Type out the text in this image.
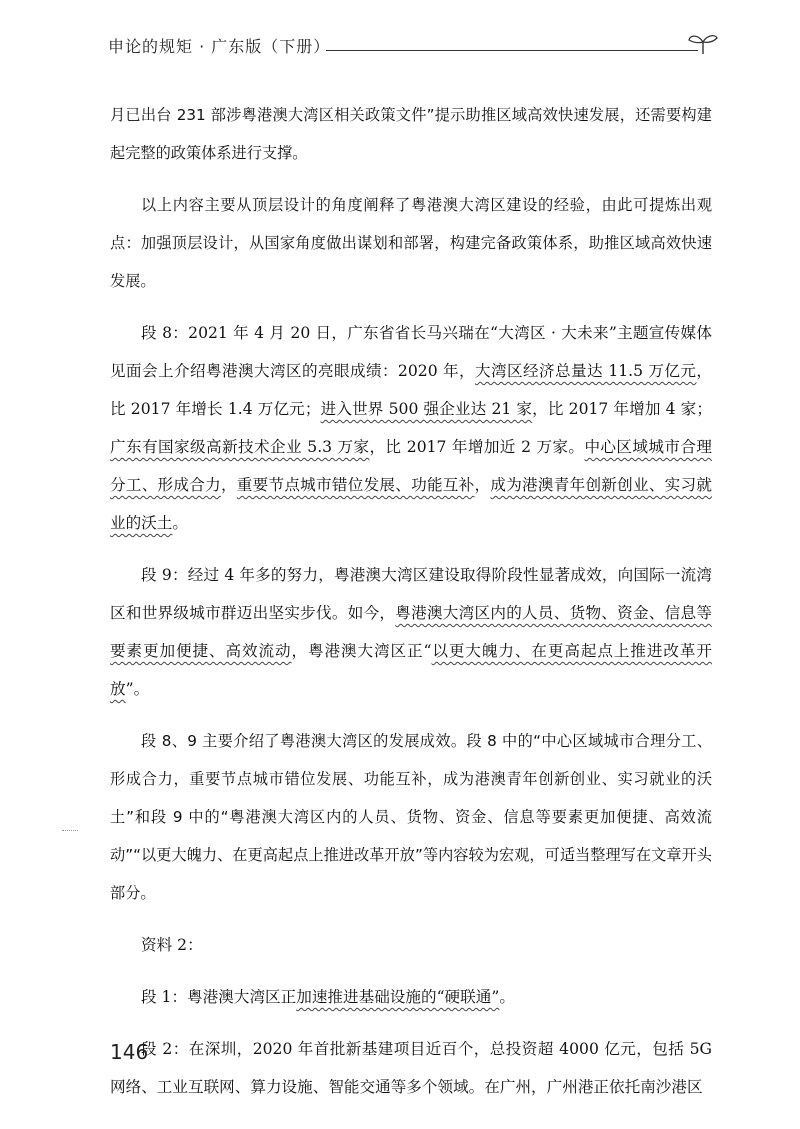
申论的规矩 · 广东版（下册）

月已出台 231 部涉粤港澳大湾区相关政策文件”提示助推区域高效快速发展，还需要构建起完整的政策体系进行支撑。

以上内容主要从顶层设计的角度阐释了粤港澳大湾区建设的经验，由此可提炼出观点：加强顶层设计，从国家角度做出谋划和部署，构建完备政策体系，助推区域高效快速发展。

段 8：2021 年 4 月 20 日，广东省省长马兴瑞在“大湾区 · 大未来”主题宣传媒体见面会上介绍粤港澳大湾区的亮眼成绩：2020 年，大湾区经济总量达 11.5 万亿元，比 2017 年增长 1.4 万亿元；进入世界 500 强企业达 21 家，比 2017 年增加 4 家；广东有国家级高新技术企业 5.3 万家，比 2017 年增加近 2 万家。中心区域城市合理分工、形成合力，重要节点城市错位发展、功能互补，成为港澳青年创新创业、实习就业的沃土。

段 9：经过 4 年多的努力，粤港澳大湾区建设取得阶段性显著成效，向国际一流湾区和世界级城市群迈出坚实步伐。如今，粤港澳大湾区内的人员、货物、资金、信息等要素更加便捷、高效流动，粤港澳大湾区正“以更大魄力、在更高起点上推进改革开放”。

段 8、9 主要介绍了粤港澳大湾区的发展成效。段 8 中的“中心区域城市合理分工、形成合力，重要节点城市错位发展、功能互补，成为港澳青年创新创业、实习就业的沃土”和段 9 中的“粤港澳大湾区内的人员、货物、资金、信息等要素更加便捷、高效流动”“以更大魄力、在更高起点上推进改革开放”等内容较为宏观，可适当整理写在文章开头部分。

资料 2：

段 1：粤港澳大湾区正加速推进基础设施的“硬联通”。

段 2：在深圳，2020 年首批新基建项目近百个，总投资超 4000 亿元，包括 5G 网络、工业互联网、算力设施、智能交通等多个领域。在广州，广州港正依托南沙港区

146
